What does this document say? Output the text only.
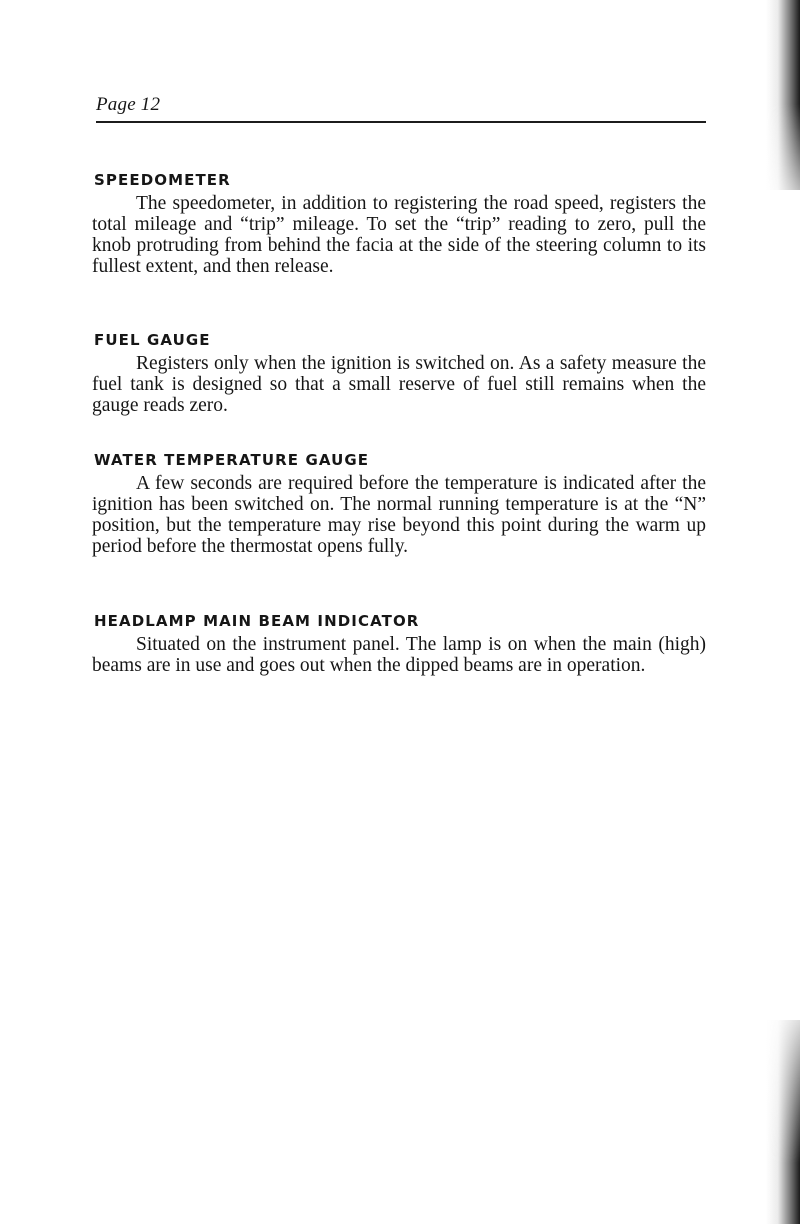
Page 12
SPEEDOMETER

The speedometer, in addition to registering the road speed, registers the total mileage and “trip” mileage. To set the “trip” reading to zero, pull the knob protruding from behind the facia at the side of the steering column to its fullest extent, and then release.

FUEL GAUGE

Registers only when the ignition is switched on. As a safety measure the fuel tank is designed so that a small reserve of fuel still remains when the gauge reads zero.

WATER TEMPERATURE GAUGE

A few seconds are required before the temperature is indicated after the ignition has been switched on. The normal running temperature is at the “N” position, but the temperature may rise beyond this point during the warm up period before the thermostat opens fully.

HEADLAMP MAIN BEAM INDICATOR

Situated on the instrument panel. The lamp is on when the main (high) beams are in use and goes out when the dipped beams are in operation.
